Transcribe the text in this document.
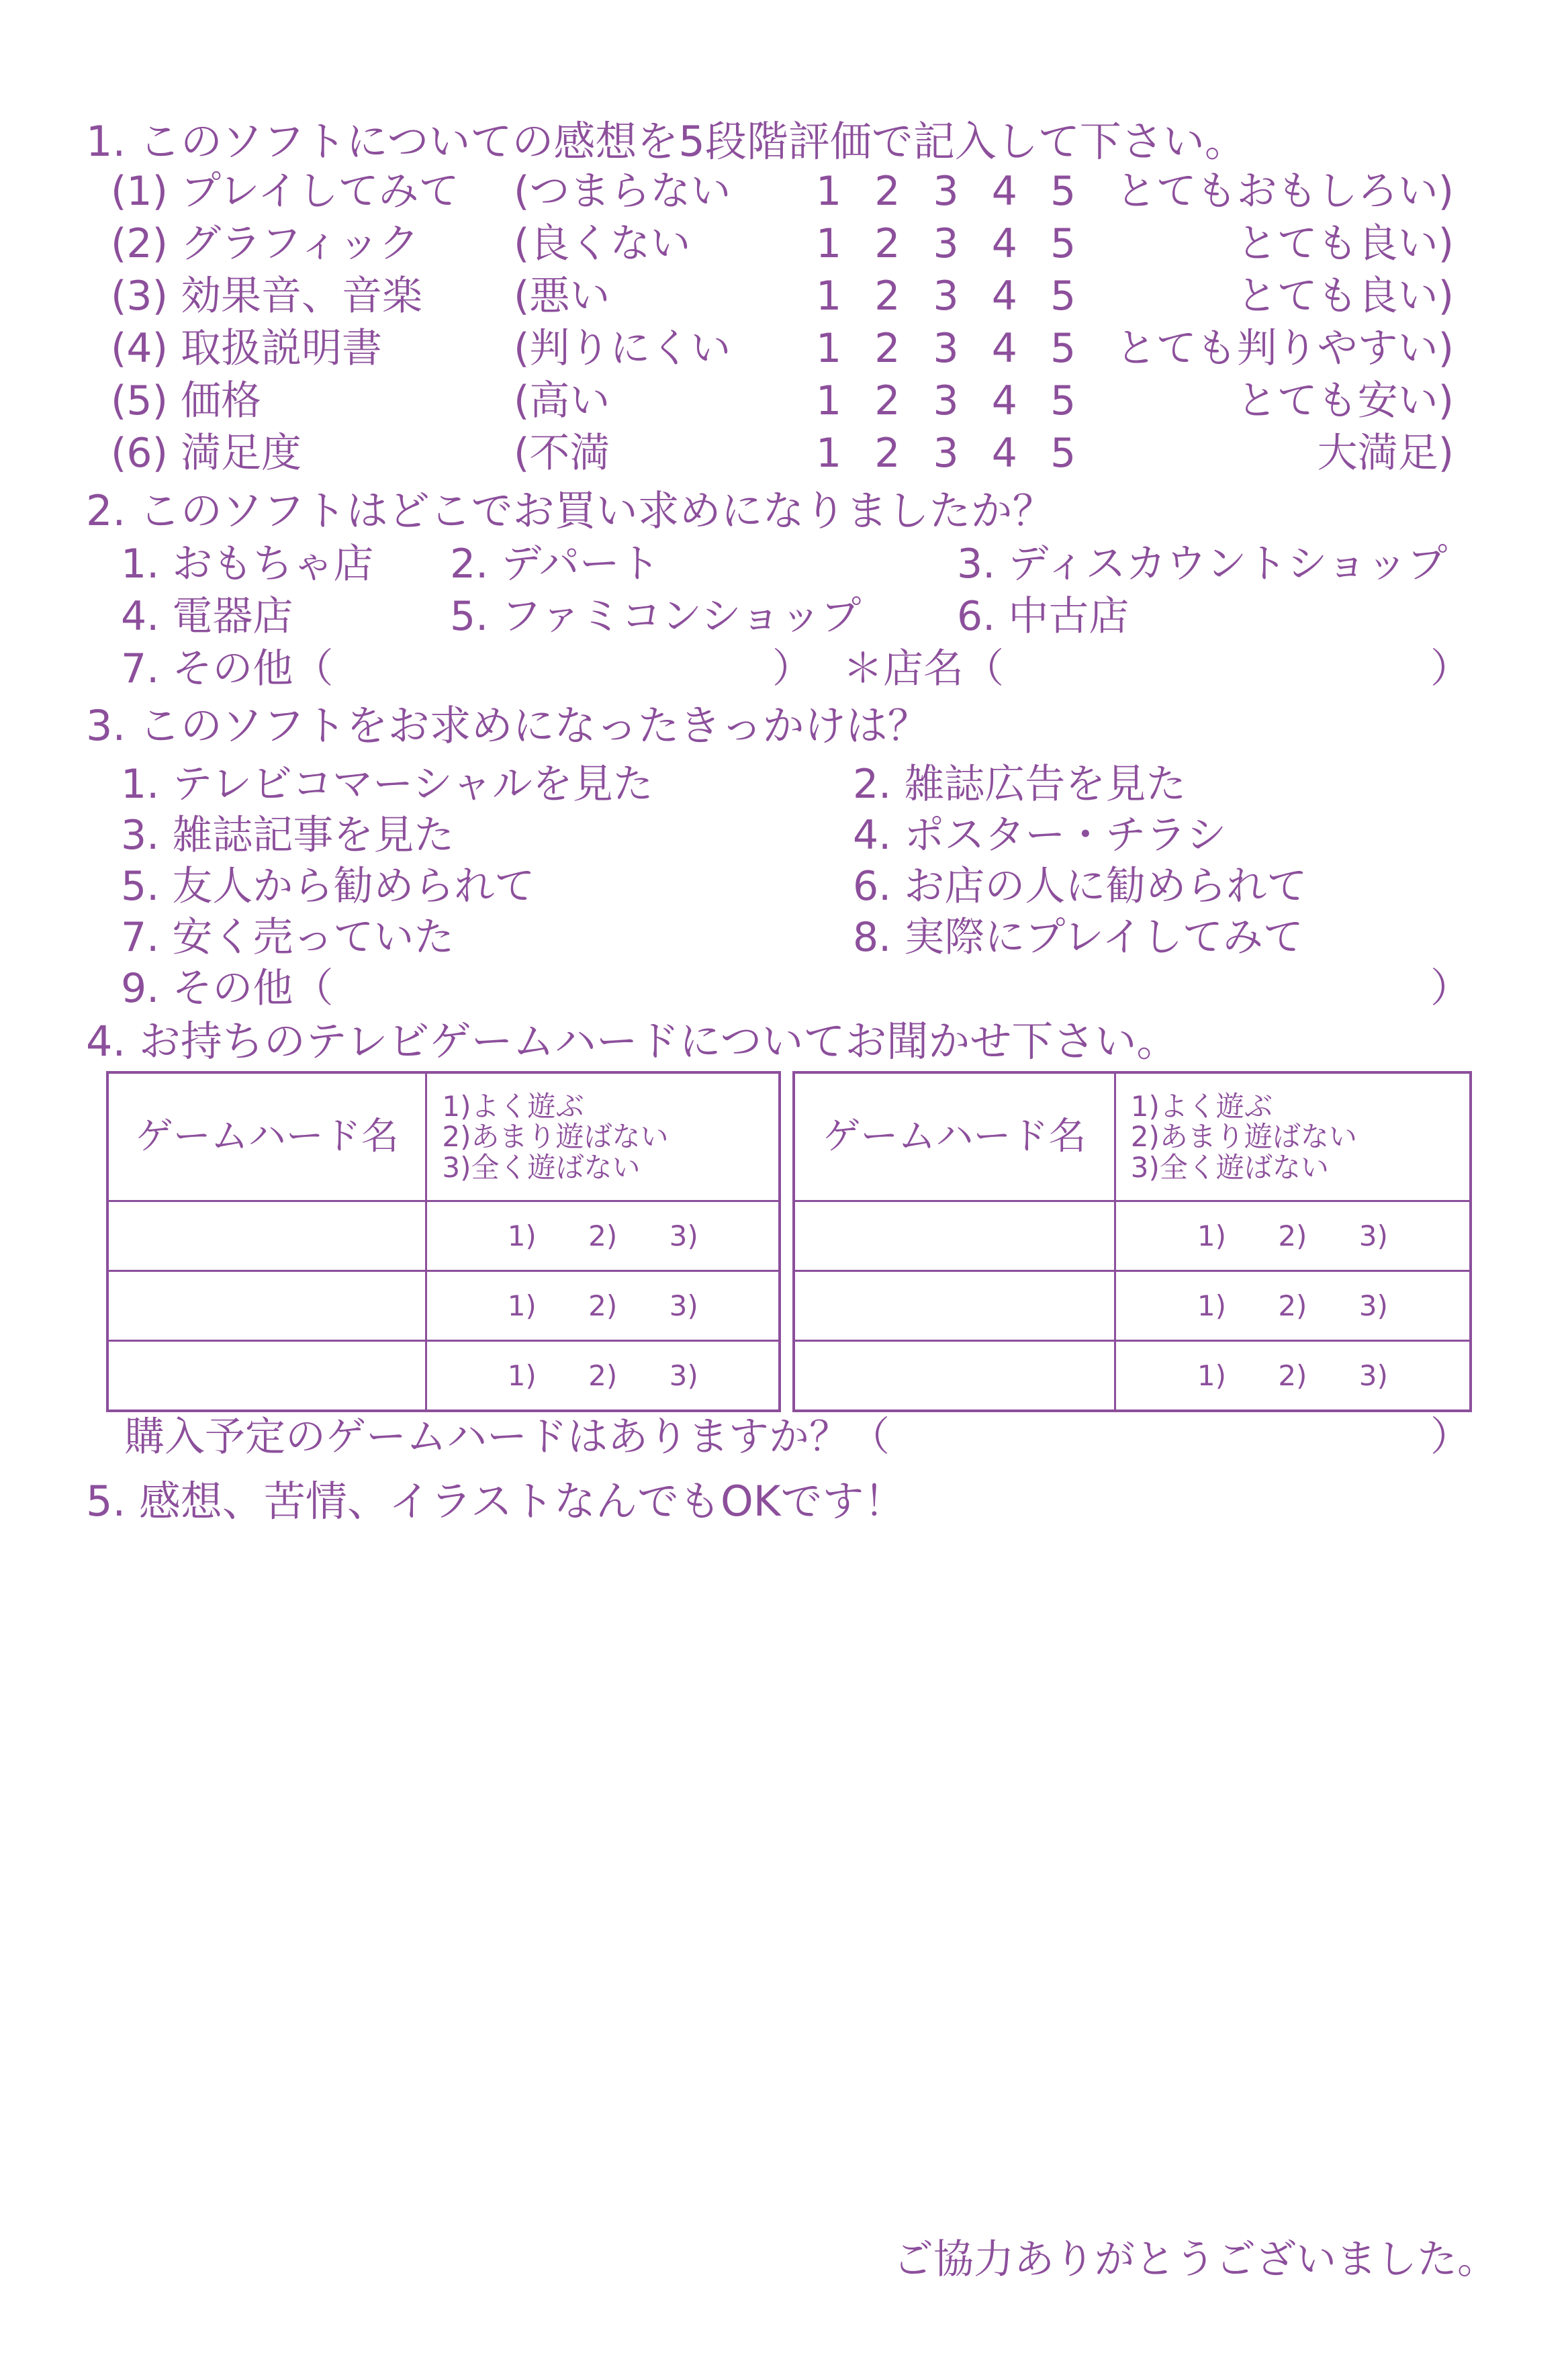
1. このソフトについての感想を5段階評価で記入して下さい。
(1) プレイしてみて (つまらない 1 2 3 4 5 とてもおもしろい)
(2) グラフィック (良くない	1 2 3 4 5	とても良い)
(3) 効果音、音楽 (悪い	1 2 3 4 5	とても良い)
(4) 取扱説明書	(判りにくい 1 2 3 4 5 とても判りやすい)
(5) 価格	(高い	1 2 3 4 5	とても安い)
(6) 満足度	(不満	1 2 3 4 5	大満足)
2. このソフトはどこでお買い求めになりましたか？
1. おもちゃ店 2. デパート	3. ディスカウントショップ
4. 電器店	5. ファミコンショップ 6. 中古店
7. その他（	） ＊店名（	）
3. このソフトをお求めになったきっかけは？
1. テレビコマーシャルを見た	2. 雑誌広告を見た
3. 雑誌記事を見た	4. ポスター・チラシ
5. 友人から勧められて	6. お店の人に勧められて
7. 安く売っていた	8. 実際にプレイしてみて
9. その他（	）
4. お持ちのテレビゲームハードについてお聞かせ下さい。
ゲームハード名	1)よく遊ぶ
2)あまり遊ばない
3)全く遊ばない

	1) 2) 3)
	1) 2) 3)
	1) 2) 3)
ゲームハード名	1)よく遊ぶ
2)あまり遊ばない
3)全く遊ばない

	1) 2) 3)
	1) 2) 3)
	1) 2) 3)
購入予定のゲームハードはありますか？（	）
5. 感想、苦情、イラストなんでもOKです！
ご協力ありがとうございました。
